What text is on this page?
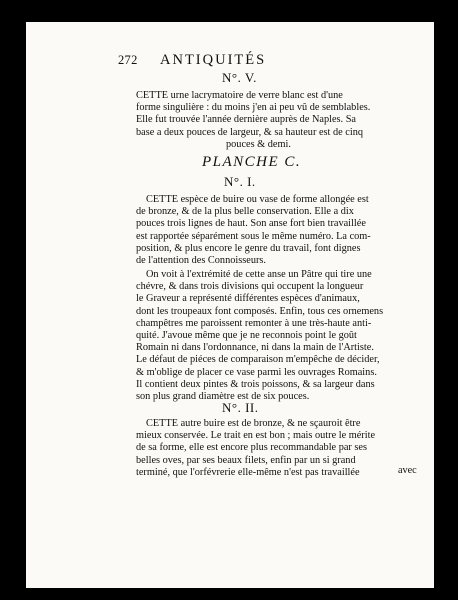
272 ANTIQUITÉS
N°. V.
CETTE urne lacrymatoire de verre blanc est d'une
forme singulière : du moins j'en ai peu vû de semblables.
Elle fut trouvée l'année dernière auprès de Naples. Sa
base a deux pouces de largeur, & sa hauteur est de cinq
pouces & demi.
PLANCHE C.
N°. I.
CETTE espèce de buire ou vase de forme allongée est
de bronze, & de la plus belle conservation. Elle a dix
pouces trois lignes de haut. Son anse fort bien travaillée
est rapportée séparément sous le même numéro. La com-
position, & plus encore le genre du travail, font dignes
de l'attention des Connoisseurs.
On voit à l'extrémité de cette anse un Pâtre qui tire une
chévre, & dans trois divisions qui occupent la longueur
le Graveur a représenté différentes espèces d'animaux,
dont les troupeaux font composés. Enfin, tous ces ornemens
champêtres me paroissent remonter à une très-haute anti-
quité. J'avoue même que je ne reconnois point le goût
Romain ni dans l'ordonnance, ni dans la main de l'Artiste.
Le défaut de piéces de comparaison m'empêche de décider,
& m'oblige de placer ce vase parmi les ouvrages Romains.
Il contient deux pintes & trois poissons, & sa largeur dans
son plus grand diamètre est de six pouces.
N°. II.
CETTE autre buire est de bronze, & ne sçauroit être
mieux conservée. Le trait en est bon ; mais outre le mérite
de sa forme, elle est encore plus recommandable par ses
belles oves, par ses beaux filets, enfin par un si grand
terminé, que l'orfévrerie elle-même n'est pas travaillée	avec
